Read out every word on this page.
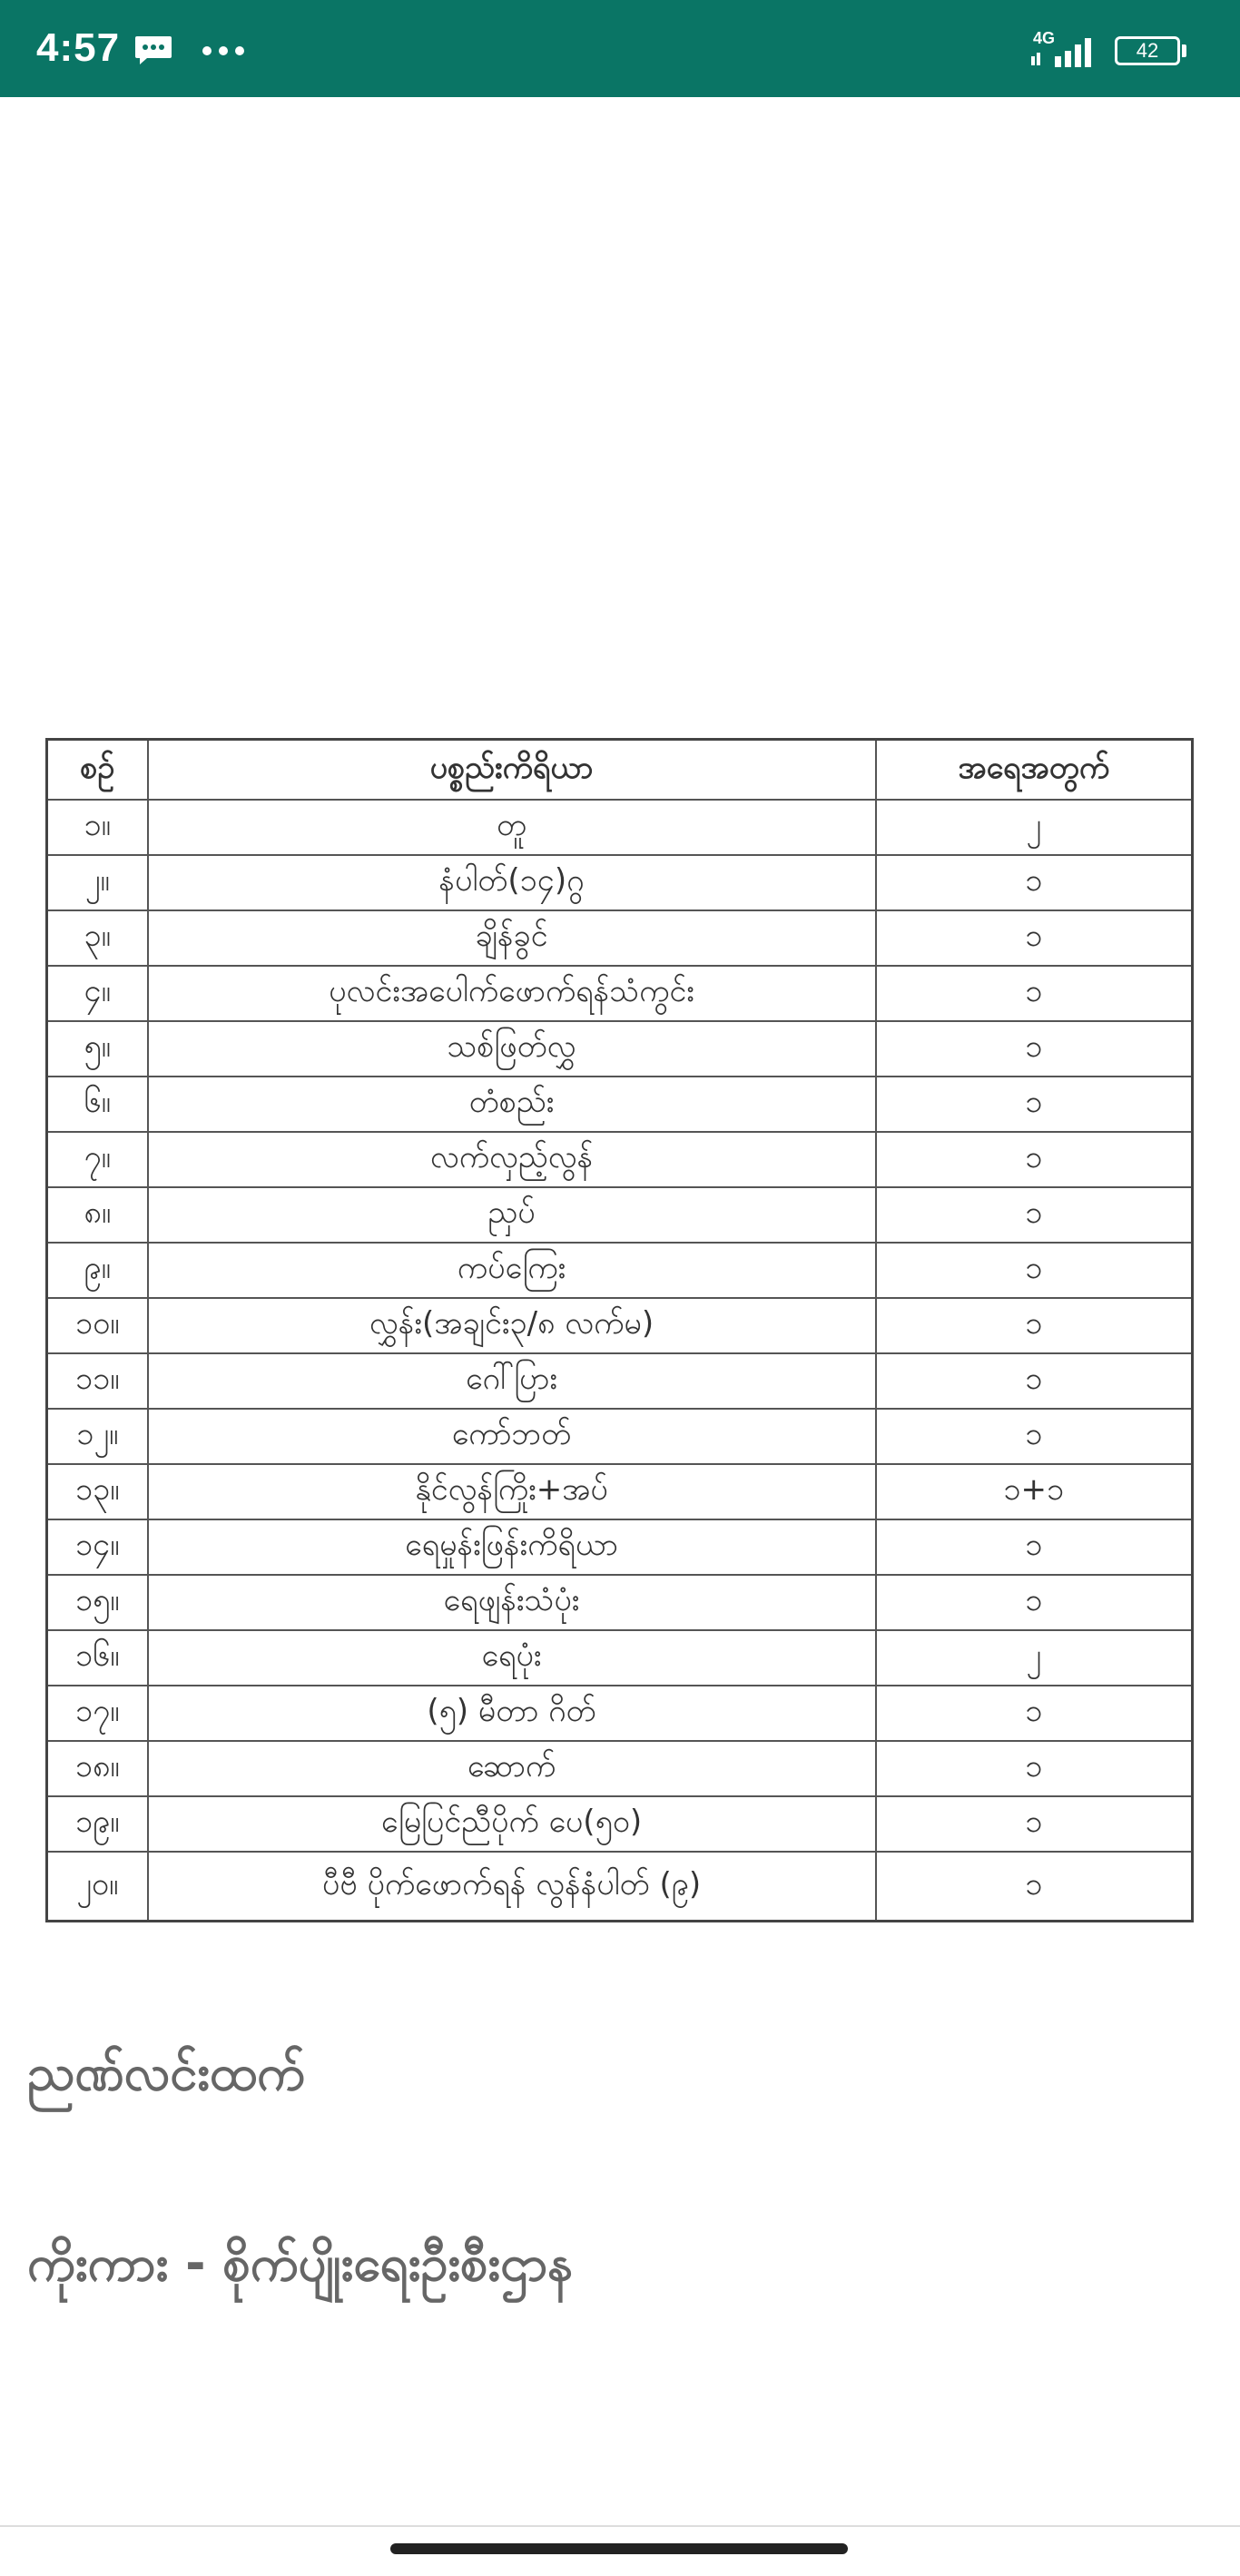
4:57	4G
42
စဉ်	ပစ္စည်းကိရိယာ	အရေအတွက်
၁။	တူ	၂
၂။	နံပါတ်(၁၄)ဂွ	၁
၃။	ချိန်ခွင်	၁
၄။	ပုလင်းအပေါက်ဖောက်ရန်သံကွင်း	၁
၅။	သစ်ဖြတ်လွှ	၁
၆။	တံစည်း	၁
၇။	လက်လှည့်လွန်	၁
၈။	ညှပ်	၁
၉။	ကပ်ကြေး	၁
၁၀။	လွှန်း(အချင်း၃/၈ လက်မ)	၁
၁၁။	ဂေါ်ပြား	၁
၁၂။	ကော်ဘတ်	၁
၁၃။	နိုင်လွန်ကြိုး+အပ်	၁+၁
၁၄။	ရေမှုန်းဖြန်းကိရိယာ	၁
၁၅။	ရေဖျန်းသံပုံး	၁
၁၆။	ရေပုံး	၂
၁၇။	(၅) မီတာ ဂိတ်	၁
၁၈။	ဆောက်	၁
၁၉။	မြေပြင်ညီပိုက် ပေ(၅၀)	၁
၂၀။	ပီဗီ ပိုက်ဖောက်ရန် လွန်နံပါတ် (၉)	၁
ညဏ်လင်းထက်
ကိုးကား - စိုက်ပျိုးရေးဦးစီးဌာန
